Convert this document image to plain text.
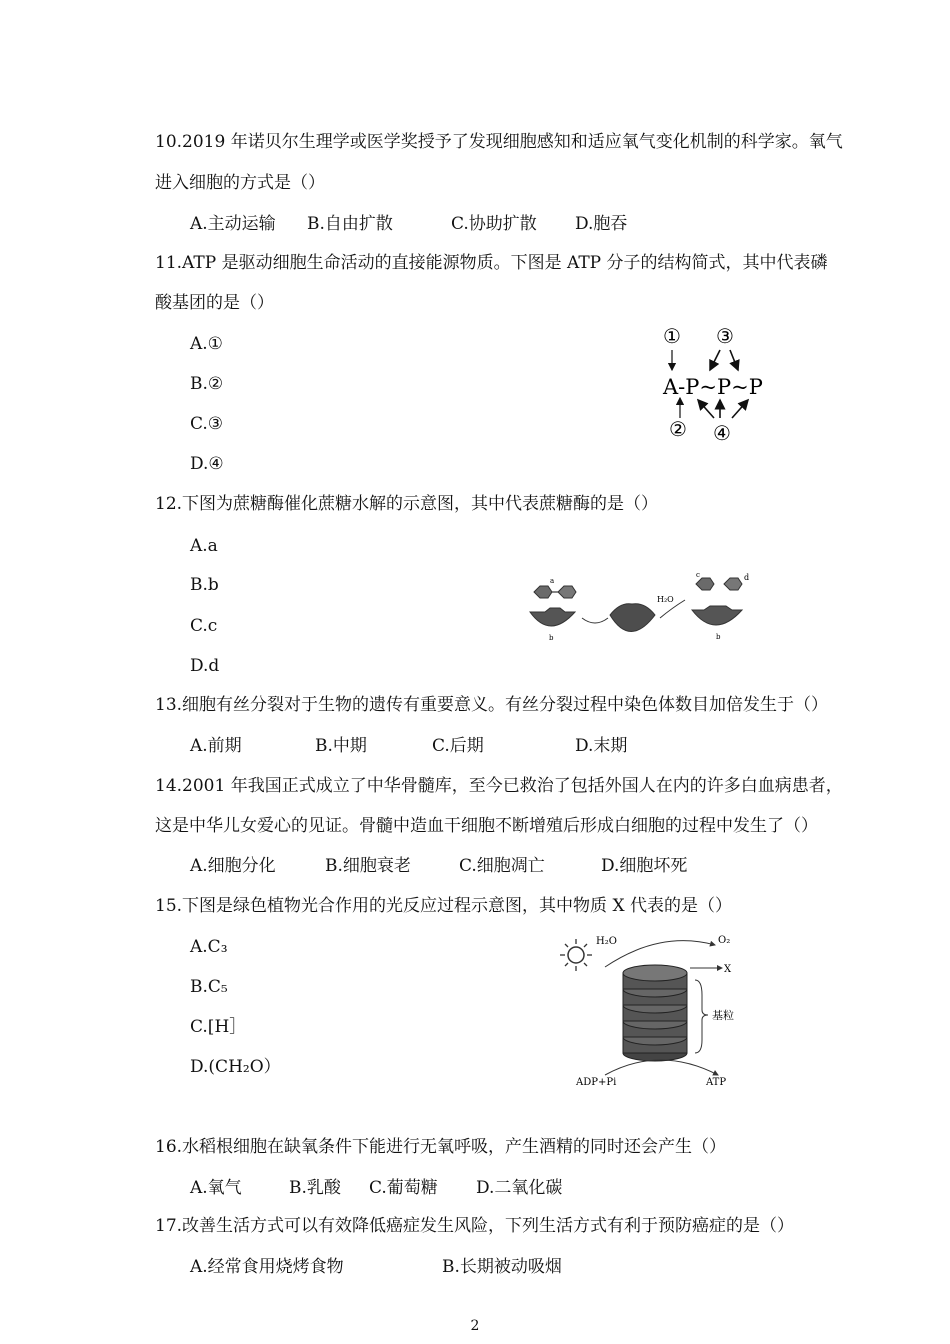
10.2019 年诺贝尔生理学或医学奖授予了发现细胞感知和适应氧气变化机制的科学家。氧气
进入细胞的方式是（）
A.主动运输 B.自由扩散	C.协助扩散 D.胞吞
11.ATP 是驱动细胞生命活动的直接能源物质。下图是 ATP 分子的结构简式，其中代表磷
酸基团的是（）
A.①
B.②
C.③
D.④
① ③
A-P~P~P
② ④
12.下图为蔗糖酶催化蔗糖水解的示意图，其中代表蔗糖酶的是（）
A.a
B.b
C.c
D.d
a
b
H₂O
c	d
b
13.细胞有丝分裂对于生物的遗传有重要意义。有丝分裂过程中染色体数目加倍发生于（）
A.前期	B.中期	C.后期	D.末期
14.2001 年我国正式成立了中华骨髓库，至今已救治了包括外国人在内的许多白血病患者，
这是中华儿女爱心的见证。骨髓中造血干细胞不断增殖后形成白细胞的过程中发生了（）
A.细胞分化	B.细胞衰老	C.细胞凋亡	D.细胞坏死
15.下图是绿色植物光合作用的光反应过程示意图，其中物质 X 代表的是（）
A.C₃
B.C₅
C.[H］
D.(CH₂O）
H₂O	O₂
X
基粒
ADP+Pi	ATP
16.水稻根细胞在缺氧条件下能进行无氧呼吸，产生酒精的同时还会产生（）
A.氧气	B.乳酸 C.葡萄糖 D.二氧化碳
17.改善生活方式可以有效降低癌症发生风险，下列生活方式有利于预防癌症的是（）
A.经常食用烧烤食物	B.长期被动吸烟
2
